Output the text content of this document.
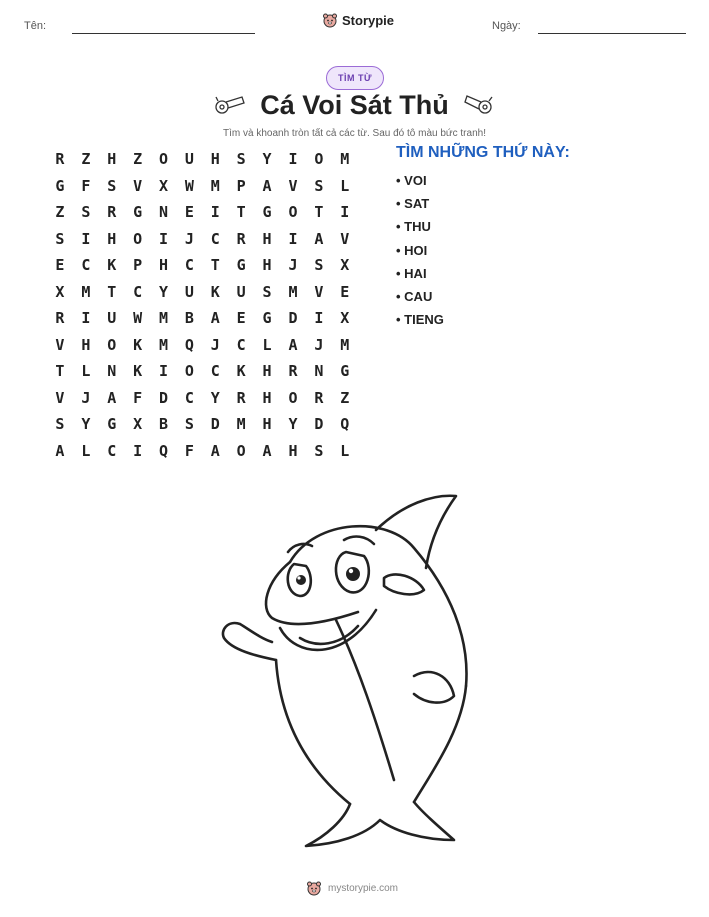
Tên:	Storypie	Ngày:
TÌM TỪ
Cá Voi Sát Thủ
Tìm và khoanh tròn tất cả các từ. Sau đó tô màu bức tranh!
R	Z	H	Z	O	U	H	S	Y	I	O	M
G	F	S	V	X	W	M	P	A	V	S	L
Z	S	R	G	N	E	I	T	G	O	T	I
S	I	H	O	I	J	C	R	H	I	A	V
E	C	K	P	H	C	T	G	H	J	S	X
X	M	T	C	Y	U	K	U	S	M	V	E
R	I	U	W	M	B	A	E	G	D	I	X
V	H	O	K	M	Q	J	C	L	A	J	M
T	L	N	K	I	O	C	K	H	R	N	G
V	J	A	F	D	C	Y	R	H	O	R	Z
S	Y	G	X	B	S	D	M	H	Y	D	Q
A	L	C	I	Q	F	A	O	A	H	S	L
TÌM NHỮNG THỨ NÀY:
• VOI
• SAT
• THU
• HOI
• HAI
• CAU
• TIENG
mystorypie.com
